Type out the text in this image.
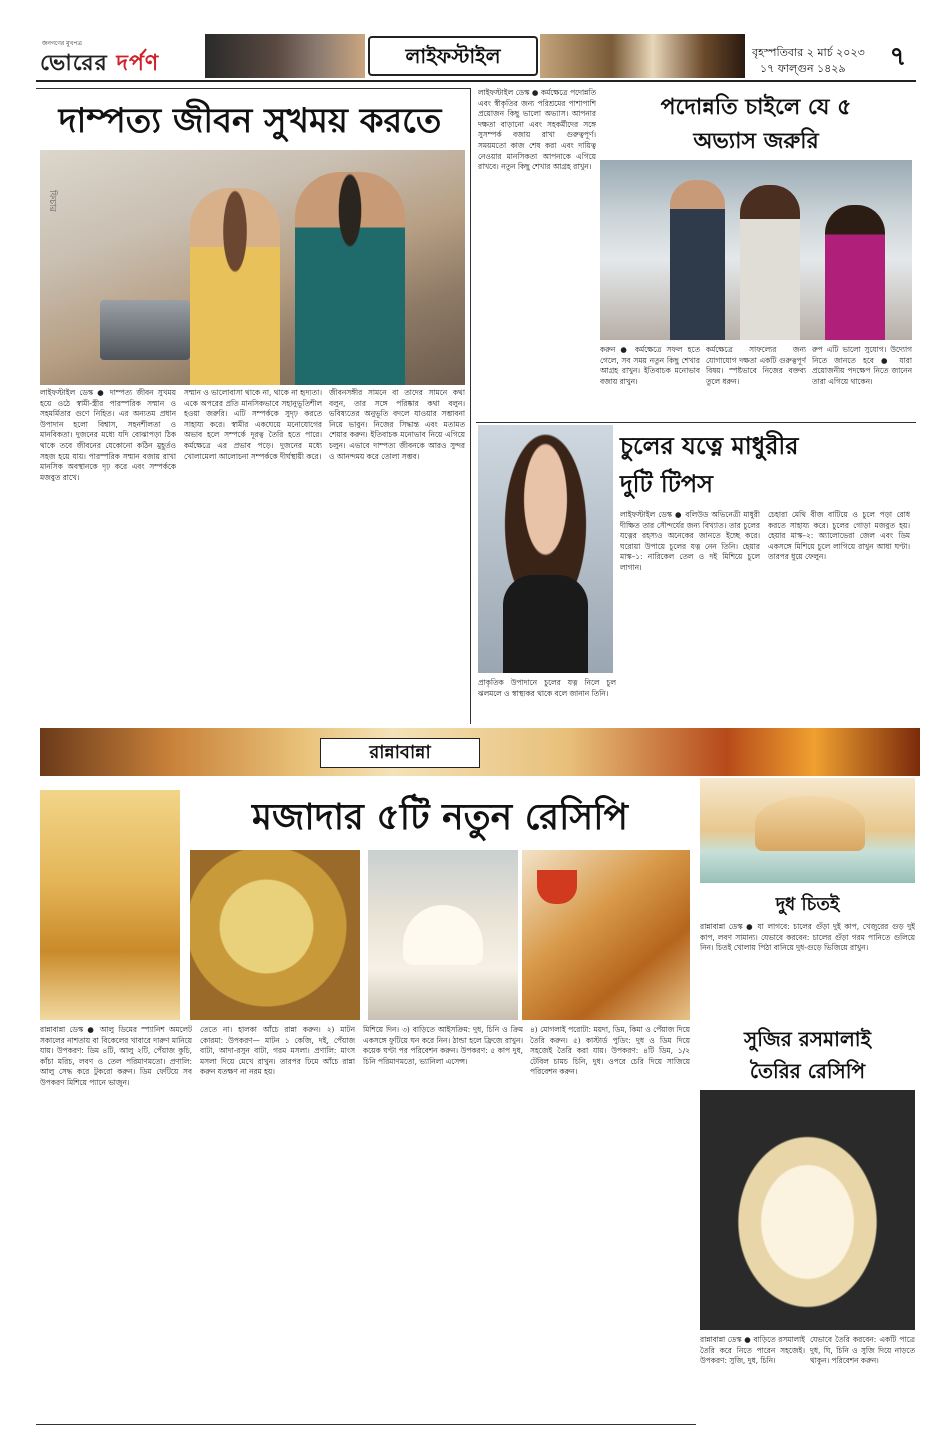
জনগণের মুখপত্র
ভোরের দর্পণ	লাইফস্টাইল	বৃহস্পতিবার ২ মার্চ ২০২৩
১৭ ফাল্গুন ১৪২৯	৭
দাম্পত্য জীবন সুখময় করতে
ফিচার
লাইফস্টাইল ডেস্ক ● দাম্পত্য জীবন সুখময় হয়ে ওঠে স্বামী-স্ত্রীর পারস্পরিক সম্মান ও সহমর্মিতার গুণে নিহিত। এর অন্যতম প্রধান উপাদান হলো বিশ্বাস, সহনশীলতা ও মানবিকতা। দুজনের মধ্যে যদি বোঝাপড়া ঠিক থাকে তবে জীবনের যেকোনো কঠিন মুহূর্তও সহজ হয়ে যায়। পারস্পরিক সম্মান বজায় রাখা মানসিক অবস্থানকে দৃঢ় করে এবং সম্পর্ককে মজবুত রাখে।
সম্মান ও ভালোবাসা থাকে না, থাকে না হৃদ্যতা। একে অপরের প্রতি মানসিকভাবে সহানুভূতিশীল হওয়া জরুরি। এটি সম্পর্ককে সুদৃঢ় করতে সাহায্য করে। স্বামীর একঘেয়ে মনোযোগের অভাব হলে সম্পর্কে দূরত্ব তৈরি হতে পারে। কর্মক্ষেত্রে এর প্রভাব পড়ে। দুজনের মধ্যে খোলামেলা আলোচনা সম্পর্ককে দীর্ঘস্থায়ী করে।
জীবনসঙ্গীর সামনে বা তাদের সামনে কথা বলুন, তার সঙ্গে পরিষ্কার কথা বলুন। ভবিষ্যতের অনুভূতি বদলে যাওয়ার সম্ভাবনা নিয়ে ভাবুন। নিজের সিদ্ধান্ত এবং মতামত শেয়ার করুন। ইতিবাচক মনোভাব নিয়ে এগিয়ে চলুন। এভাবে দাম্পত্য জীবনকে আরও সুন্দর ও আনন্দময় করে তোলা সম্ভব।
লাইফস্টাইল ডেস্ক ● কর্মক্ষেত্রে পদোন্নতি এবং স্বীকৃতির জন্য পরিশ্রমের পাশাপাশি প্রয়োজন কিছু ভালো অভ্যাস। আপনার দক্ষতা বাড়ানো এবং সহকর্মীদের সঙ্গে সুসম্পর্ক বজায় রাখা গুরুত্বপূর্ণ। সময়মতো কাজ শেষ করা এবং দায়িত্ব নেওয়ার মানসিকতা আপনাকে এগিয়ে রাখবে। নতুন কিছু শেখার আগ্রহ রাখুন।
পদোন্নতি চাইলে যে ৫
অভ্যাস জরুরি
করুন ● কর্মক্ষেত্রে সফল হতে গেলে, সব সময় নতুন কিছু শেখার আগ্রহ রাখুন। ইতিবাচক মনোভাব বজায় রাখুন।
কর্মক্ষেত্রে সাফল্যের জন্য যোগাযোগ দক্ষতা একটি গুরুত্বপূর্ণ বিষয়। স্পষ্টভাবে নিজের বক্তব্য তুলে ধরুন।
রুপ এটি ভালো সুযোগ। উদ্যোগ নিতে জানতে হবে ● যারা প্রয়োজনীয় পদক্ষেপ নিতে জানেন তারা এগিয়ে থাকেন।
চুলের যত্নে মাধুরীর
দুটি টিপস
লাইফস্টাইল ডেস্ক ● বলিউড অভিনেত্রী মাধুরী দীক্ষিত তার সৌন্দর্যের জন্য বিখ্যাত। তার চুলের যত্নের রহস্যও অনেকের জানতে ইচ্ছে করে। ঘরোয়া উপায়ে চুলের যত্ন নেন তিনি। হেয়ার মাস্ক–১: নারিকেল তেল ও দই মিশিয়ে চুলে লাগান।
চেহারা মেথি বীজ বাটিয়ে ও চুলে পড়া রোধ করতে সাহায্য করে। চুলের গোড়া মজবুত হয়। হেয়ার মাস্ক–২: অ্যালোভেরা জেল এবং ডিম একসঙ্গে মিশিয়ে চুলে লাগিয়ে রাখুন আধা ঘণ্টা। তারপর ধুয়ে ফেলুন।
প্রাকৃতিক উপাদানে চুলের যত্ন নিলে চুল ঝলমলে ও স্বাস্থ্যকর থাকে বলে জানান তিনি।
রান্নাবান্না
মজাদার ৫টি নতুন রেসিপি
রান্নাবান্না ডেস্ক ● আলু ডিমের স্প্যানিশ অমলেট সকালের নাশতায় বা বিকেলের খাবারে দারুণ মানিয়ে যায়। উপকরণ: ডিম ৪টি, আলু ২টি, পেঁয়াজ কুচি, কাঁচা মরিচ, লবণ ও তেল পরিমাণমতো। প্রণালি: আলু সেদ্ধ করে টুকরো করুন। ডিম ফেটিয়ে সব উপকরণ মিশিয়ে প্যানে ভাজুন।
তেতে না। হালকা আঁচে রান্না করুন। ২) মাটন কোরমা: উপকরণ— মাটন ১ কেজি, দই, পেঁয়াজ বাটা, আদা-রসুন বাটা, গরম মসলা। প্রণালি: মাংস মসলা দিয়ে মেখে রাখুন। তারপর ঢিমে আঁচে রান্না করুন যতক্ষণ না নরম হয়।
মিশিয়ে দিন। ৩) বাড়িতে আইসক্রিম: দুধ, চিনি ও ক্রিম একসঙ্গে ফুটিয়ে ঘন করে নিন। ঠান্ডা হলে ফ্রিজে রাখুন। কয়েক ঘণ্টা পর পরিবেশন করুন। উপকরণ: ৫ কাপ দুধ, চিনি পরিমাণমতো, ভ্যানিলা এসেন্স।
৪) মোগলাই পরোটা: ময়দা, ডিম, কিমা ও পেঁয়াজ দিয়ে তৈরি করুন। ৫) কাস্টার্ড পুডিং: দুধ ও ডিম দিয়ে সহজেই তৈরি করা যায়। উপকরণ: ৪টি ডিম, ১/২ টেবিল চামচ চিনি, দুধ। ওপরে চেরি দিয়ে সাজিয়ে পরিবেশন করুন।
দুধ চিতই
রান্নাবান্না ডেস্ক ● যা লাগবে: চালের গুঁড়া দুই কাপ, খেজুরের গুড় দুই কাপ, লবণ সামান্য। যেভাবে করবেন: চালের গুঁড়া গরম পানিতে গুলিয়ে নিন। চিতই খোলায় পিঠা বানিয়ে দুধ-গুড়ে ভিজিয়ে রাখুন।
সুজির রসমালাই
তৈরির রেসিপি
রান্নাবান্না ডেস্ক ● বাড়িতে রসমালাই তৈরি করে নিতে পারেন সহজেই। উপকরণ: সুজি, দুধ, চিনি।
যেভাবে তৈরি করবেন: একটি পাত্রে দুধ, ঘি, চিনি ও সুজি দিয়ে নাড়তে থাকুন। পরিবেশন করুন।
